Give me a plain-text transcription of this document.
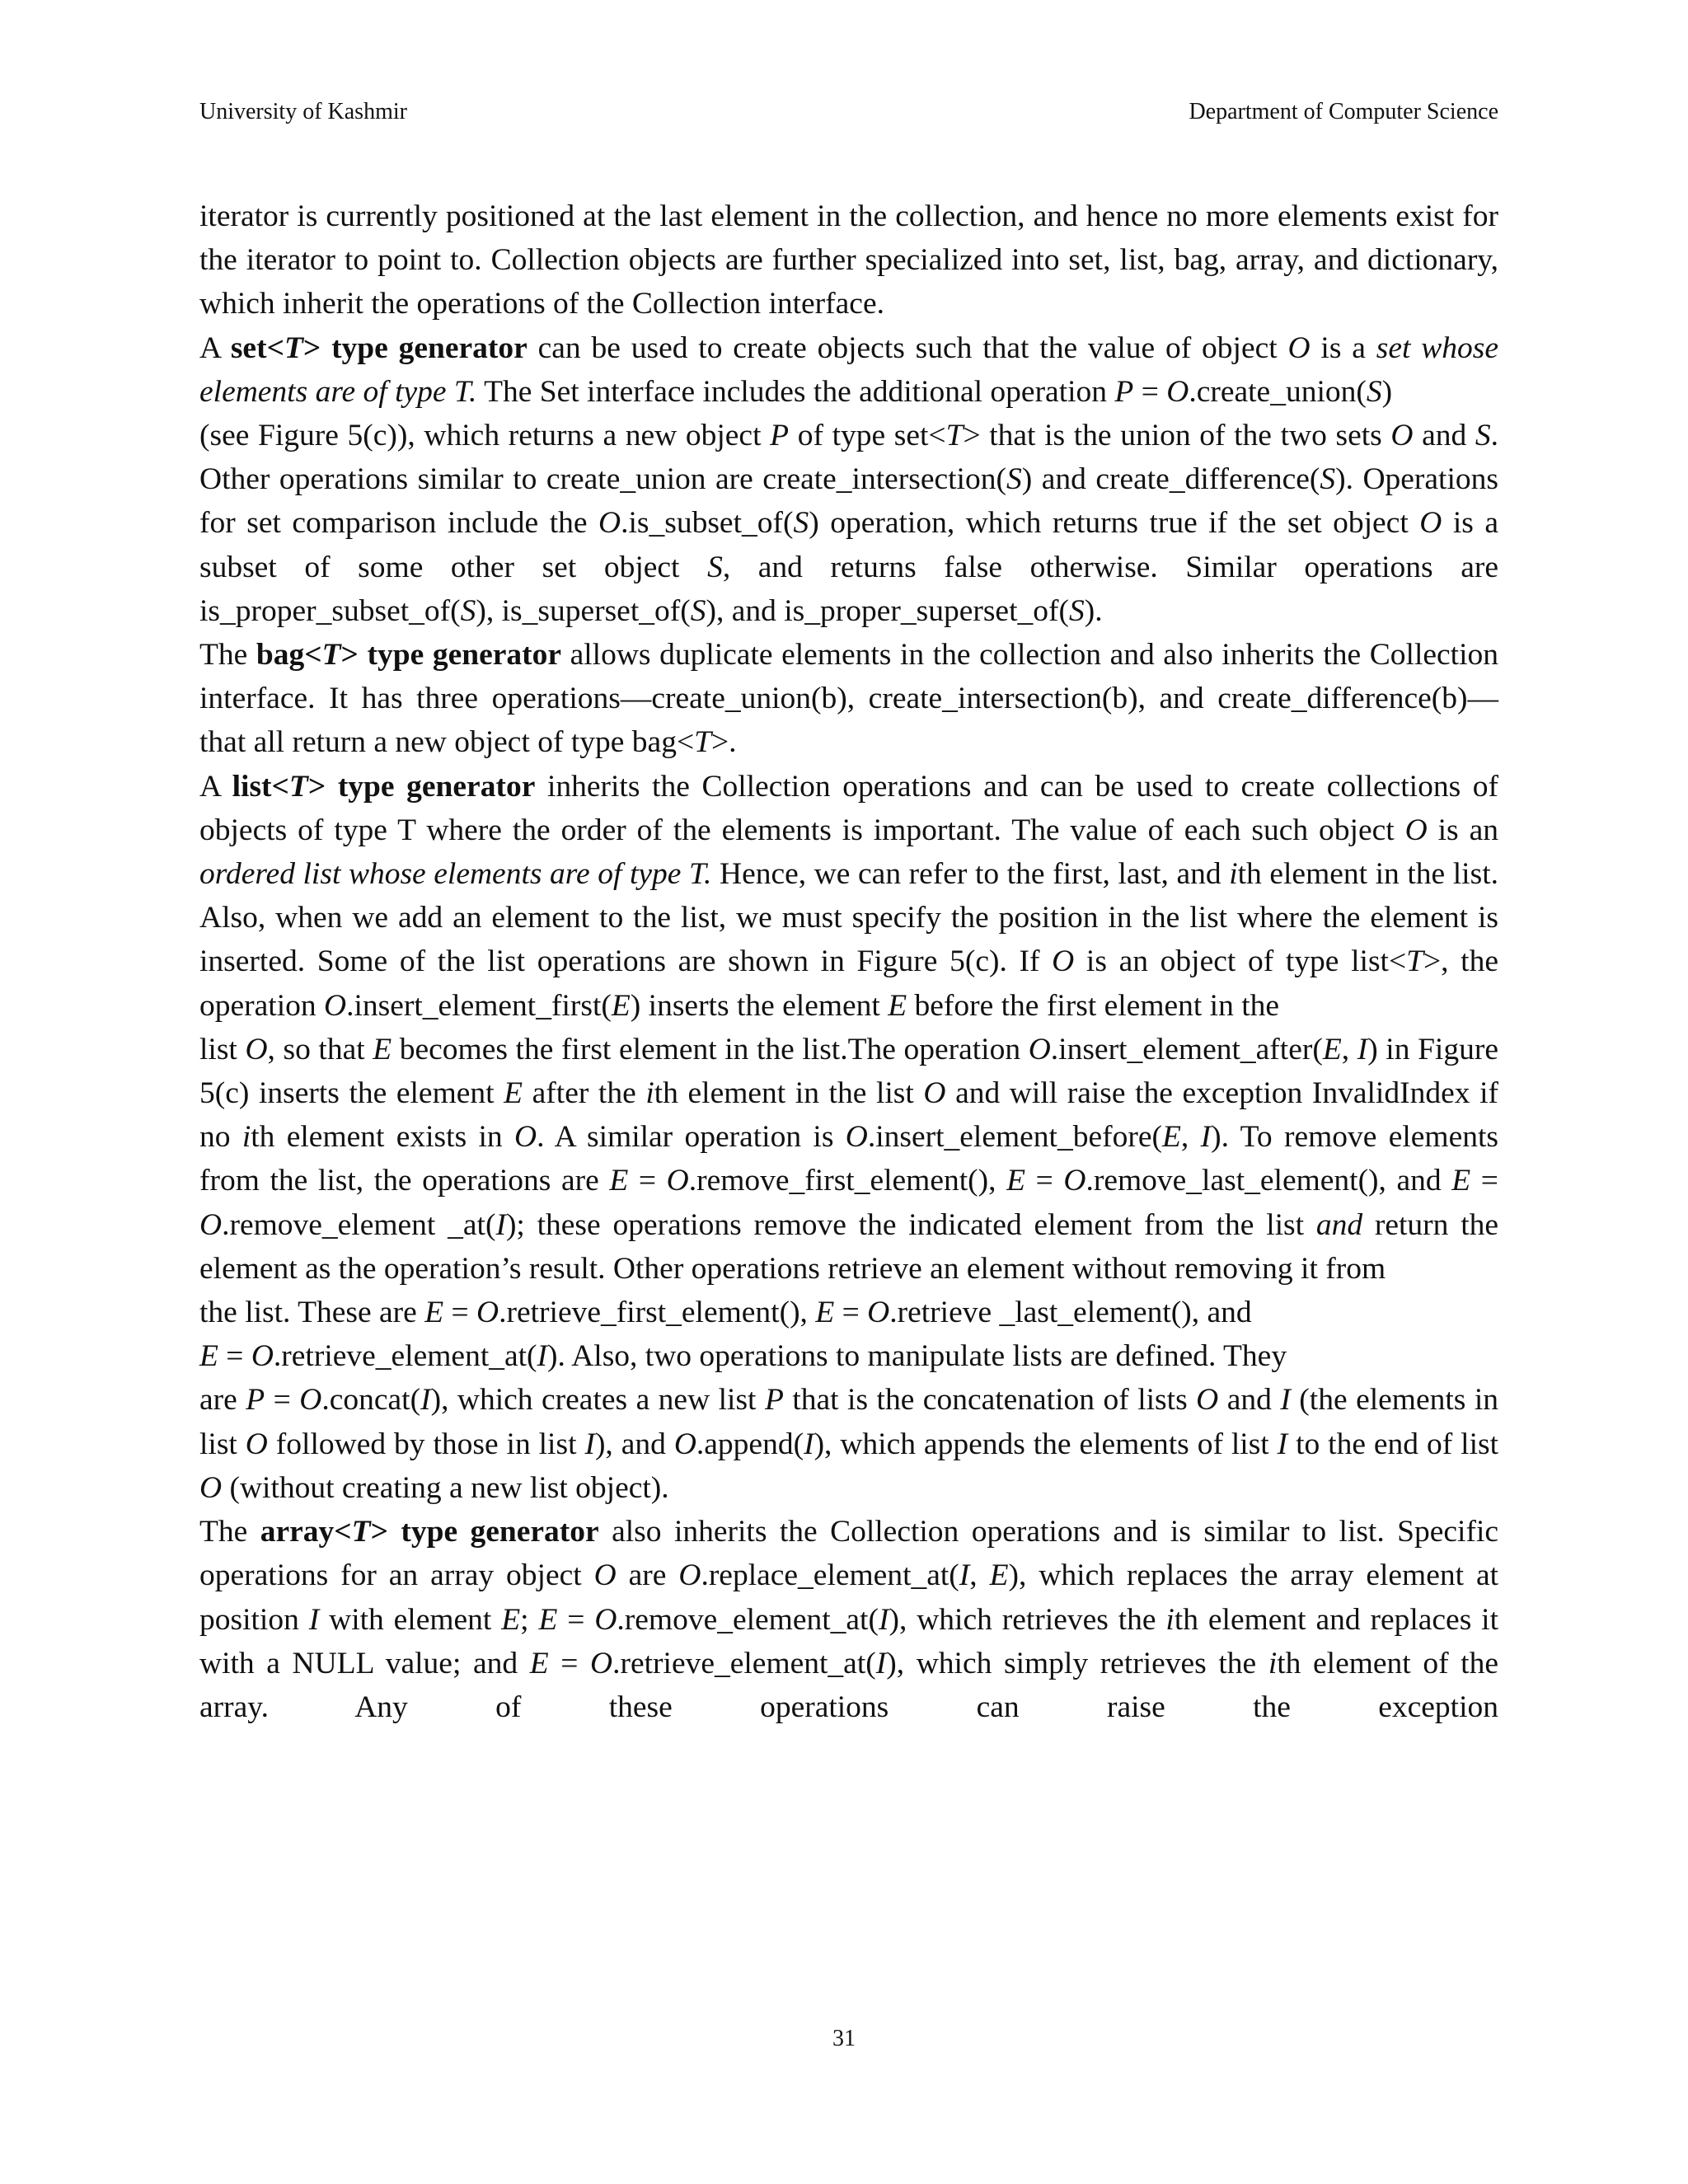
University of Kashmir	Department of Computer Science
iterator is currently positioned at the last element in the collection, and hence no more elements exist for the iterator to point to. Collection objects are further specialized into set, list, bag, array, and dictionary, which inherit the operations of the Collection interface.
A set<T> type generator can be used to create objects such that the value of object O is a set whose elements are of type T. The Set interface includes the additional operation P = O.create_union(S)
(see Figure 5(c)), which returns a new object P of type set<T> that is the union of the two sets O and S. Other operations similar to create_union are create_intersection(S) and create_difference(S). Operations for set comparison include the O.is_subset_of(S) operation, which returns true if the set object O is a subset of some other set object S, and returns false otherwise. Similar operations are is_proper_subset_of(S), is_superset_of(S), and is_proper_superset_of(S).
The bag<T> type generator allows duplicate elements in the collection and also inherits the Collection interface. It has three operations—create_union(b), create_intersection(b), and create_difference(b)—that all return a new object of type bag<T>.
A list<T> type generator inherits the Collection operations and can be used to create collections of objects of type T where the order of the elements is important. The value of each such object O is an ordered list whose elements are of type T. Hence, we can refer to the first, last, and ith element in the list. Also, when we add an element to the list, we must specify the position in the list where the element is inserted. Some of the list operations are shown in Figure 5(c). If O is an object of type list<T>, the operation O.insert_element_first(E) inserts the element E before the first element in the
list O, so that E becomes the first element in the list.The operation O.insert_element_after(E, I) in Figure 5(c) inserts the element E after the ith element in the list O and will raise the exception InvalidIndex if no ith element exists in O. A similar operation is O.insert_element_before(E, I). To remove elements from the list, the operations are E = O.remove_first_element(), E = O.remove_last_element(), and E = O.remove_element _at(I); these operations remove the indicated element from the list and return the element as the operation’s result. Other operations retrieve an element without removing it from
the list. These are E = O.retrieve_first_element(), E = O.retrieve _last_element(), and
E = O.retrieve_element_at(I). Also, two operations to manipulate lists are defined. They
are P = O.concat(I), which creates a new list P that is the concatenation of lists O and I (the elements in list O followed by those in list I), and O.append(I), which appends the elements of list I to the end of list O (without creating a new list object).
The array<T> type generator also inherits the Collection operations and is similar to list. Specific operations for an array object O are O.replace_element_at(I, E), which replaces the array element at position I with element E; E = O.remove_element_at(I), which retrieves the ith element and replaces it with a NULL value; and E = O.retrieve_element_at(I), which simply retrieves the ith element of the array. Any of these operations can raise the exception
31
